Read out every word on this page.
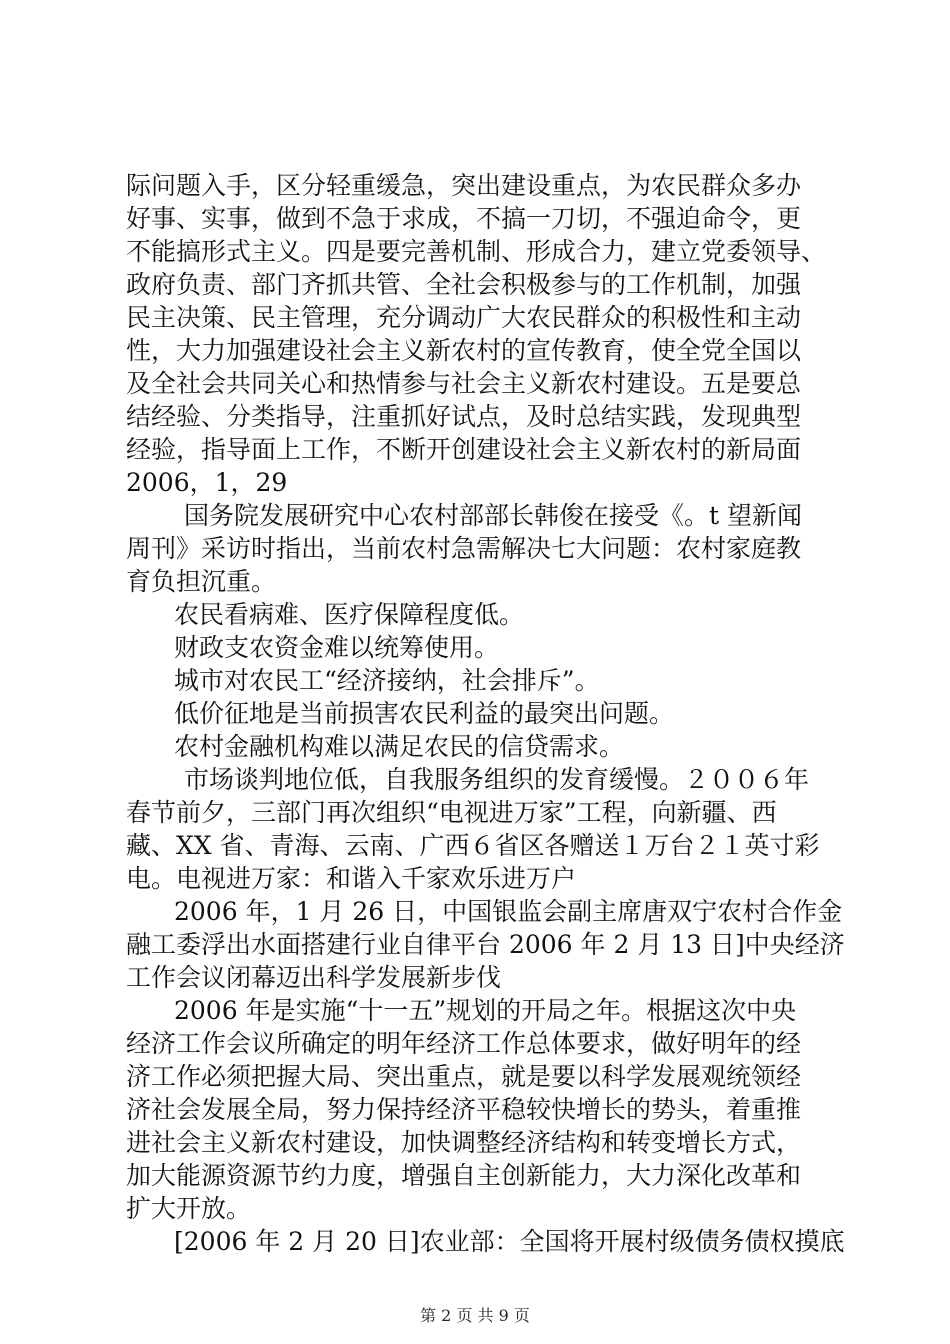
际问题入手，区分轻重缓急，突出建设重点，为农民群众多办
好事、实事，做到不急于求成，不搞一刀切，不强迫命令，更
不能搞形式主义。四是要完善机制、形成合力，建立党委领导、
政府负责、部门齐抓共管、全社会积极参与的工作机制，加强
民主决策、民主管理，充分调动广大农民群众的积极性和主动
性，大力加强建设社会主义新农村的宣传教育，使全党全国以
及全社会共同关心和热情参与社会主义新农村建设。五是要总
结经验、分类指导，注重抓好试点，及时总结实践，发现典型
经验，指导面上工作，不断开创建设社会主义新农村的新局面
2006，1，29
国务院发展研究中心农村部部长韩俊在接受《。t 望新闻
周刊》采访时指出，当前农村急需解决七大问题：农村家庭教
育负担沉重。
农民看病难、医疗保障程度低。
财政支农资金难以统筹使用。
城市对农民工“经济接纳，社会排斥”。
低价征地是当前损害农民利益的最突出问题。
农村金融机构难以满足农民的信贷需求。
市场谈判地位低，自我服务组织的发育缓慢。２００６年
春节前夕，三部门再次组织“电视进万家”工程，向新疆、西
藏、XX 省、青海、云南、广西６省区各赠送１万台２１英寸彩
电。电视进万家：和谐入千家欢乐进万户
2006 年，1 月 26 日，中国银监会副主席唐双宁农村合作金
融工委浮出水面搭建行业自律平台 2006 年 2 月 13 日]中央经济
工作会议闭幕迈出科学发展新步伐
2006 年是实施“十一五”规划的开局之年。根据这次中央
经济工作会议所确定的明年经济工作总体要求，做好明年的经
济工作必须把握大局、突出重点，就是要以科学发展观统领经
济社会发展全局，努力保持经济平稳较快增长的势头，着重推
进社会主义新农村建设，加快调整经济结构和转变增长方式，
加大能源资源节约力度，增强自主创新能力，大力深化改革和
扩大开放。
[2006 年 2 月 20 日]农业部：全国将开展村级债务债权摸底
第 2 页 共 9 页
